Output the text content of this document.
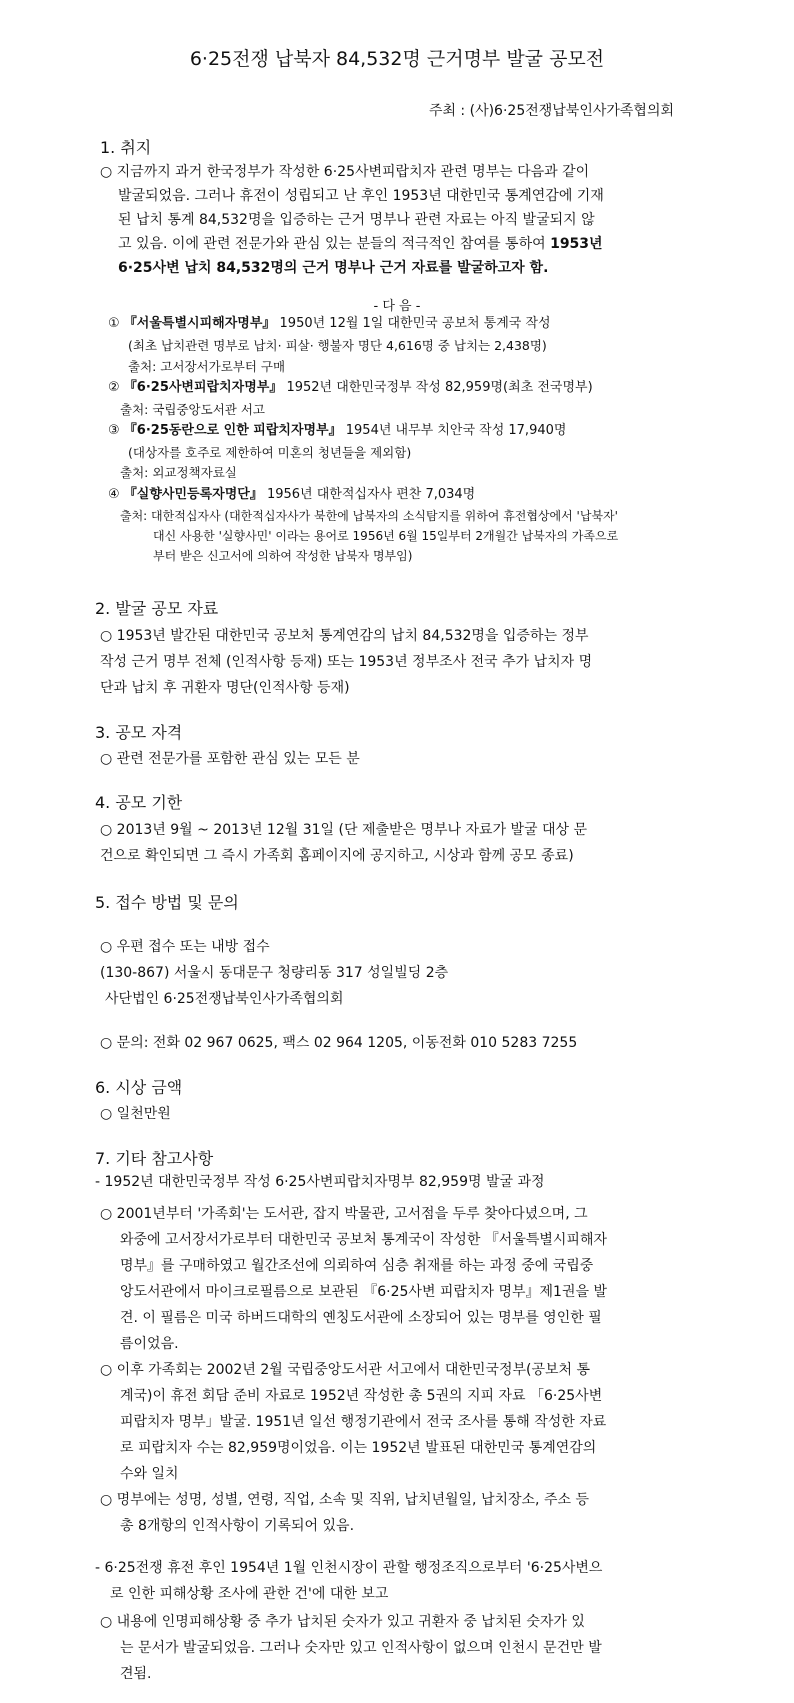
6·25전쟁 납북자 84,532명 근거명부 발굴 공모전
주최 : (사)6·25전쟁납북인사가족협의회
1. 취지
○ 지금까지 과거 한국정부가 작성한 6·25사변피랍치자 관련 명부는 다음과 같이
발굴되었음. 그러나 휴전이 성립되고 난 후인 1953년 대한민국 통계연감에 기재
된 납치 통계 84,532명을 입증하는 근거 명부나 관련 자료는 아직 발굴되지 않
고 있음. 이에 관련 전문가와 관심 있는 분들의 적극적인 참여를 통하여 1953년
6·25사변 납치 84,532명의 근거 명부나 근거 자료를 발굴하고자 함.
- 다 음 -
① 『서울특별시피해자명부』 1950년 12월 1일 대한민국 공보처 통계국 작성
(최초 납치관련 명부로 납치· 피살· 행불자 명단 4,616명 중 납치는 2,438명)
출처: 고서장서가로부터 구매
② 『6·25사변피랍치자명부』 1952년 대한민국정부 작성 82,959명(최초 전국명부)
출처: 국립중앙도서관 서고
③ 『6·25동란으로 인한 피랍치자명부』 1954년 내무부 치안국 작성 17,940명
(대상자를 호주로 제한하여 미혼의 청년들을 제외함)
출처: 외교정책자료실
④ 『실향사민등록자명단』 1956년 대한적십자사 편찬 7,034명
출처: 대한적십자사 (대한적십자사가 북한에 납북자의 소식탐지를 위하여 휴전협상에서 '납북자'
대신 사용한 '실향사민' 이라는 용어로 1956년 6월 15일부터 2개월간 납북자의 가족으로
부터 받은 신고서에 의하여 작성한 납북자 명부임)
2. 발굴 공모 자료
○ 1953년 발간된 대한민국 공보처 통계연감의 납치 84,532명을 입증하는 정부
작성 근거 명부 전체 (인적사항 등재) 또는 1953년 정부조사 전국 추가 납치자 명
단과 납치 후 귀환자 명단(인적사항 등재)
3. 공모 자격
○ 관련 전문가를 포함한 관심 있는 모든 분
4. 공모 기한
○ 2013년 9월 ~ 2013년 12월 31일 (단 제출받은 명부나 자료가 발굴 대상 문
건으로 확인되면 그 즉시 가족회 홈페이지에 공지하고, 시상과 함께 공모 종료)
5. 접수 방법 및 문의
○ 우편 접수 또는 내방 접수
(130-867) 서울시 동대문구 청량리동 317 성일빌딩 2층
사단법인 6·25전쟁납북인사가족협의회
○ 문의: 전화 02 967 0625, 팩스 02 964 1205, 이동전화 010 5283 7255
6. 시상 금액
○ 일천만원
7. 기타 참고사항
- 1952년 대한민국정부 작성 6·25사변피랍치자명부 82,959명 발굴 과정
○ 2001년부터 '가족회'는 도서관, 잡지 박물관, 고서점을 두루 찾아다녔으며, 그
와중에 고서장서가로부터 대한민국 공보처 통계국이 작성한 『서울특별시피해자
명부』를 구매하였고 월간조선에 의뢰하여 심층 취재를 하는 과정 중에 국립중
앙도서관에서 마이크로필름으로 보관된 『6·25사변 피랍치자 명부』제1권을 발
견. 이 필름은 미국 하버드대학의 옌칭도서관에 소장되어 있는 명부를 영인한 필
름이었음.
○ 이후 가족회는 2002년 2월 국립중앙도서관 서고에서 대한민국정부(공보처 통
계국)이 휴전 회담 준비 자료로 1952년 작성한 총 5권의 지피 자료 「6·25사변
피랍치자 명부」발굴. 1951년 일선 행정기관에서 전국 조사를 통해 작성한 자료
로 피랍치자 수는 82,959명이었음. 이는 1952년 발표된 대한민국 통계연감의
수와 일치
○ 명부에는 성명, 성별, 연령, 직업, 소속 및 직위, 납치년월일, 납치장소, 주소 등
총 8개항의 인적사항이 기록되어 있음.
- 6·25전쟁 휴전 후인 1954년 1월 인천시장이 관할 행정조직으로부터 '6·25사변으
로 인한 피해상황 조사에 관한 건'에 대한 보고
○ 내용에 인명피해상황 중 추가 납치된 숫자가 있고 귀환자 중 납치된 숫자가 있
는 문서가 발굴되었음. 그러나 숫자만 있고 인적사항이 없으며 인천시 문건만 발
견됨.
